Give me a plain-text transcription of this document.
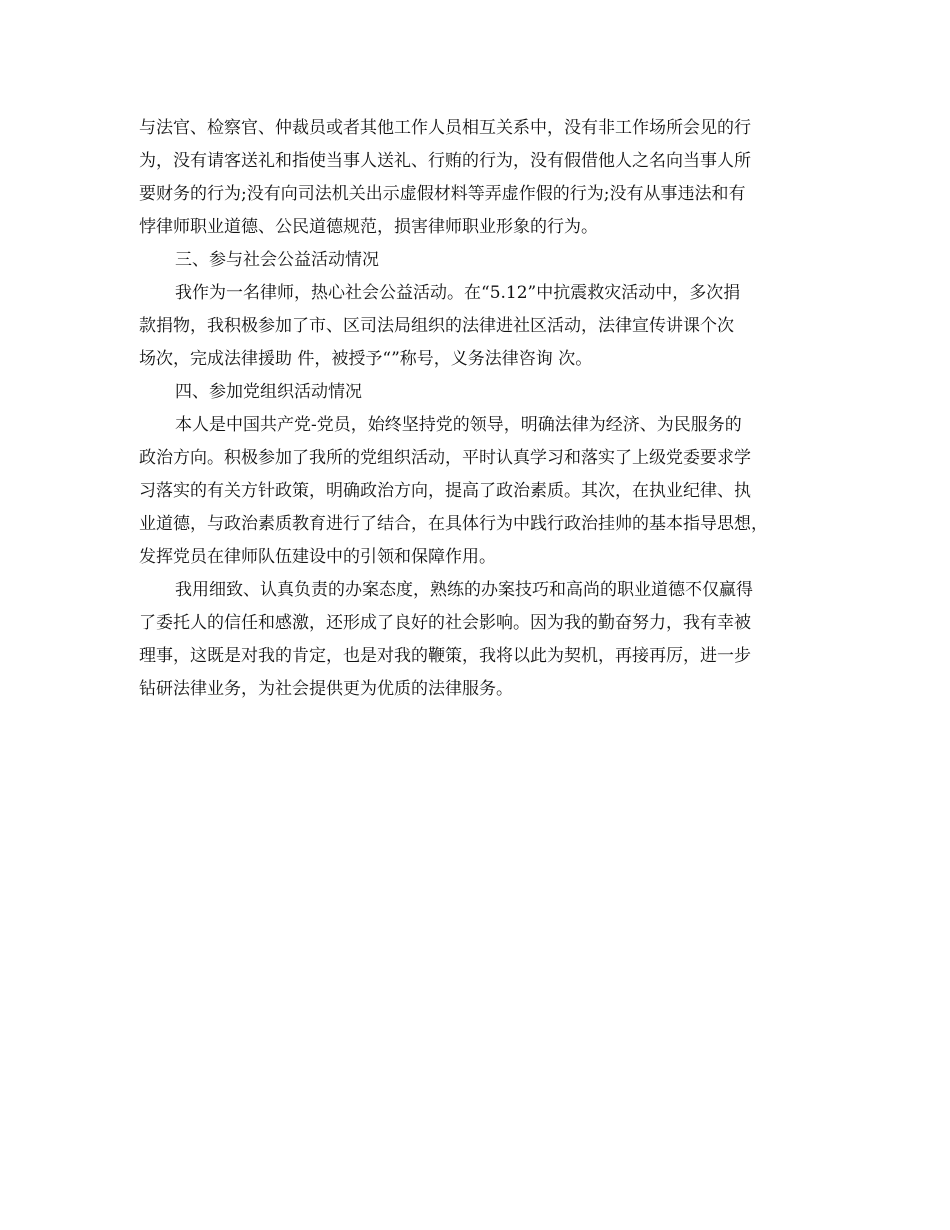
与法官、检察官、仲裁员或者其他工作人员相互关系中，没有非工作场所会见的行
为，没有请客送礼和指使当事人送礼、行贿的行为，没有假借他人之名向当事人所
要财务的行为;没有向司法机关出示虚假材料等弄虚作假的行为;没有从事违法和有
悖律师职业道德、公民道德规范，损害律师职业形象的行为。
三、参与社会公益活动情况
我作为一名律师，热心社会公益活动。在“5.12”中抗震救灾活动中，多次捐
款捐物，我积极参加了市、区司法局组织的法律进社区活动，法律宣传讲课个次
场次，完成法律援助 件，被授予“”称号，义务法律咨询 次。
四、参加党组织活动情况
本人是中国共产党-党员，始终坚持党的领导，明确法律为经济、为民服务的
政治方向。积极参加了我所的党组织活动，平时认真学习和落实了上级党委要求学
习落实的有关方针政策，明确政治方向，提高了政治素质。其次，在执业纪律、执
业道德，与政治素质教育进行了结合，在具体行为中践行政治挂帅的基本指导思想，
发挥党员在律师队伍建设中的引领和保障作用。
我用细致、认真负责的办案态度，熟练的办案技巧和高尚的职业道德不仅赢得
了委托人的信任和感激，还形成了良好的社会影响。因为我的勤奋努力，我有幸被
理事，这既是对我的肯定，也是对我的鞭策，我将以此为契机，再接再厉，进一步
钻研法律业务，为社会提供更为优质的法律服务。
